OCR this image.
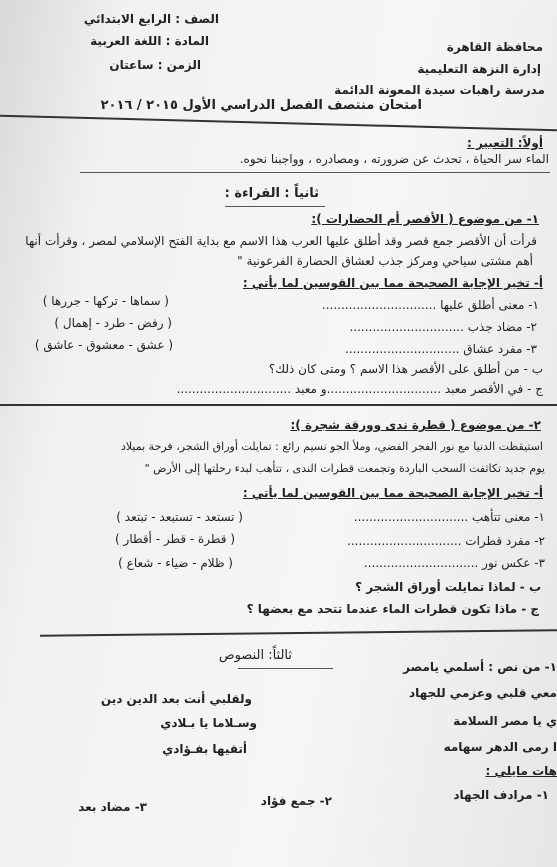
الصف : الرابع الابتدائي
المادة : اللغة العربية
الزمن : ساعتان
محافظة القاهرة
إدارة النزهة التعليمية
مدرسة راهبات سيدة المعونة الدائمة
امتحان منتصف الفصل الدراسي الأول ٢٠١٥ / ٢٠١٦
أولاً: التعبير :
الماء سر الحياة ، تحدث عن ضرورته ، ومصادره ، وواجبنا نحوه.
ثانياً : القراءة :
١- من موضوع ( الأقصر أم الحضارات ):
قرأت أن الأقصر جمع قصر وقد أطلق عليها العرب هذا الاسم مع بداية الفتح الإسلامي لمصر ، وقرأت أنها
أهم مشتى سياحي ومركز جذب لعشاق الحضارة الفرعونية "
أ- تخير الإجابة الصحيحة مما بين القوسين لما يأتي :
١- معنى أطلق عليها ..............................
( سماها - تركها - جررها )
٢- مضاد جذب ..............................
( رفض - طرد - إهمال )
٣- مفرد عشاق ..............................
( عشق - معشوق - عاشق )
ب - من أطلق على الأقصر هذا الاسم ؟ ومتى كان ذلك؟
ج - في الأقصر معبد ..............................و معبد ..............................
٢- من موضوع ( قطرة ندى وورقة شجرة ):
استيقظت الدنيا مع نور الفجر الفضي، وملأ الجو نسيم رائع : تمايلت أوراق الشجر، فرحة بميلاد
يوم جديد تكاثفت السحب الباردة وتجمعت قطرات الندى ، تتأهب لبدء رحلتها إلى الأرض "
أ- تخير الإجابة الصحيحة مما بين القوسين لما يأتي :
١- معنى تتأهب ..............................
( تستعد - تستبعد - تبتعد )
٢- مفرد قطرات ..............................
( قطرة - قطر - أقطار )
٣- عكس نور ..............................
( ظلام - ضياء - شعاع )
ب - لماذا تمايلت أوراق الشجر ؟
ج - ماذا تكون قطرات الماء عندما تتحد مع بعضها ؟
ثالثاً: النصوص
١- من نص : أسلمي يامصر
معي قلبي وعزمي للجهاد
ولقلبي أنت بعد الدين دين
ي يا مصر السلامة
وسـلاما يا بـلادي
ا رمى الدهر سهامه
أتقيها بفـؤادي
هات مايلي :
١- مرادف الجهاد
٢- جمع فؤاد
٣- مضاد بعد
